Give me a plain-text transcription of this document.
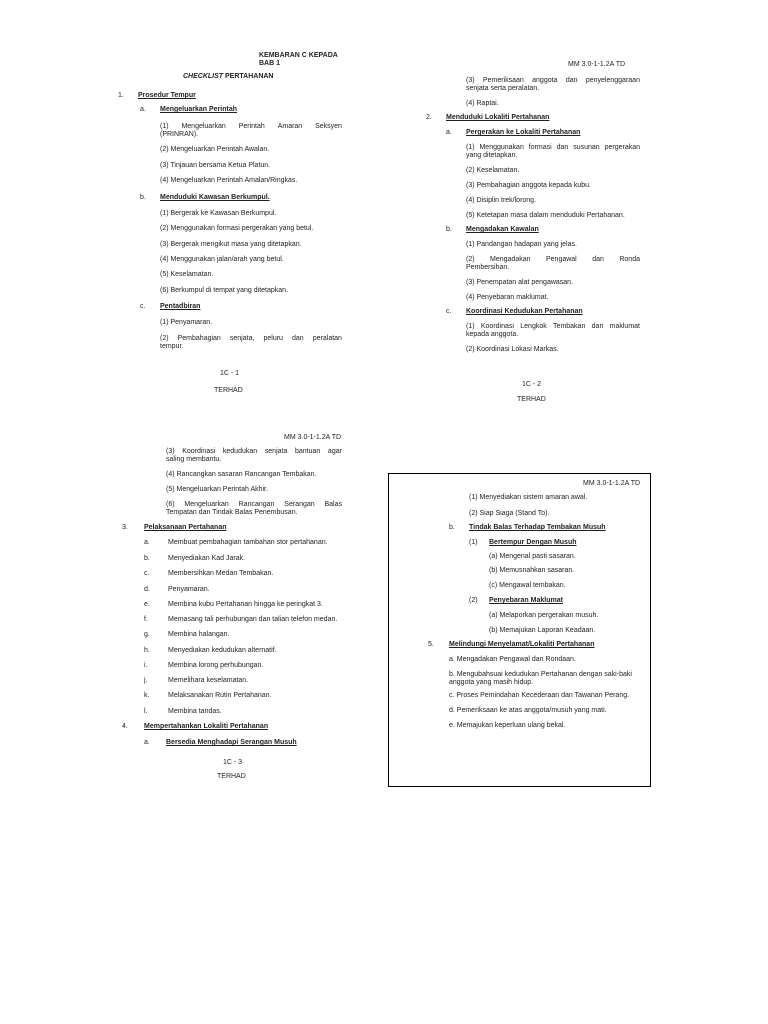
KEMBARAN C KEPADA
BAB 1
CHECKLIST PERTAHANAN
1. Prosedur Tempur
a. Mengeluarkan Perintah
(1) Mengeluarkan Perintah Amaran Seksyen
(PRINRAN).
(2) Mengeluarkan Perintah Awalan.
(3) Tinjauan bersama Ketua Platun.
(4) Mengeluarkan Perintah Amalan/Ringkas.
b. Menduduki Kawasan Berkumpul.
(1) Bergerak ke Kawasan Berkumpul.
(2) Menggunakan formasi pergerakan yang betul.
(3) Bergerak mengikut masa yang ditetapkan.
(4) Menggunakan jalan/arah yang betul.
(5) Keselamatan.
(6) Berkumpul di tempat yang ditetapkan.
c. Pentadbiran
(1) Penyamaran.
(2) Pembahagian senjata, peluru dan peralatan
tempur.
1C - 1
TERHAD
MM 3.0-1-1.2A TD
(3) Pemeriksaan anggota dan penyelenggaraan
senjata serta peralatan.
(4) Raptai.
2. Menduduki Lokaliti Pertahanan
a. Pergerakan ke Lokaliti Pertahanan
(1) Menggunakan formasi dan susunan pergerakan
yang ditetapkan.
(2) Keselamatan.
(3) Pembahagian anggota kepada kubu.
(4) Disiplin trek/lorong.
(5) Ketetapan masa dalam menduduki Pertahanan.
b. Mengadakan Kawalan
(1) Pandangan hadapan yang jelas.
(2) Mengadakan Pengawal dan Ronda
Pembersihan.
(3) Penempatan alat pengawasan.
(4) Penyebaran maklumat.
c. Koordinasi Kedudukan Pertahanan
(1) Koordinasi Lengkok Tembakan dan maklumat
kepada anggota.
(2) Koordinasi Lokasi Markas.
1C - 2
TERHAD
MM 3.0-1-1.2A TD
(3) Koordinasi kedudukan senjata bantuan agar
saling membantu.
(4) Rancangkan sasaran Rancangan Tembakan.
(5) Mengeluarkan Perintah Akhir.
(6) Mengeluarkan Rancangan Serangan Balas
Tempatan dan Tindak Balas Penembusan.
3. Pelaksanaan Pertahanan
a.	Membuat pembahagian tambahan stor pertahanan.
b.	Menyediakan Kad Jarak.
c.	Membersihkan Medan Tembakan.
d.	Penyamaran.
e.	Membina kubu Pertahanan hingga ke peringkat 3.
f.	Memasang tali perhubungan dan talian telefon medan.
g.	Membina halangan.
h.	Menyediakan kedudukan alternatif.
i.	Membina lorong perhubungan.
j.	Memelihara keselamatan.
k.	Melaksanakan Rutin Pertahanan.
l.	Membina tandas.
4. Mempertahankan Lokaliti Pertahanan
a. Bersedia Menghadapi Serangan Musuh
1C - 3
TERHAD
MM 3.0-1-1.2A TD
(1) Menyediakan sistem amaran awal.
(2) Siap Siaga (Stand To).
b. Tindak Balas Terhadap Tembakan Musuh
(1) Bertempur Dengan Musuh
(a) Mengenal pasti sasaran.
(b) Memusnahkan sasaran.
(c) Mengawal tembakan.
(2) Penyebaran Maklumat
(a) Melaporkan pergerakan musuh.
(b) Memajukan Laporan Keadaan.
5. Melindungi Menyelamat/Lokaliti Pertahanan
a. Mengadakan Pengawal dan Rondaan.
b. Mengubahsuai kedudukan Pertahanan dengan saki-baki
anggota yang masih hidup.
c. Proses Pemindahan Kecederaan dan Tawanan Perang.
d. Pemeriksaan ke atas anggota/musuh yang mati.
e. Memajukan keperluan ulang bekal.
